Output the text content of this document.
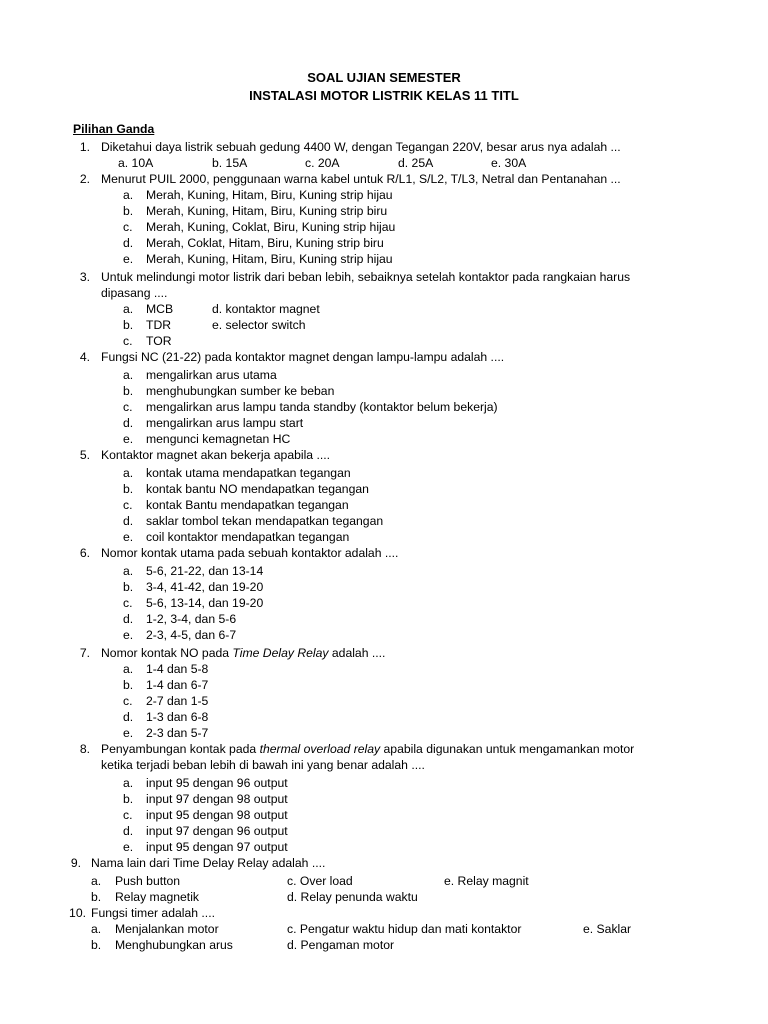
SOAL UJIAN SEMESTER
INSTALASI MOTOR LISTRIK KELAS 11 TITL
Pilihan Ganda
1. Diketahui daya listrik sebuah gedung 4400 W, dengan Tegangan 220V, besar arus nya adalah ...
a. 10A	b. 15A	c. 20A	d. 25A	e. 30A
2. Menurut PUIL 2000, penggunaan warna kabel untuk R/L1, S/L2, T/L3, Netral dan Pentanahan ...
a. Merah, Kuning, Hitam, Biru, Kuning strip hijau
b. Merah, Kuning, Hitam, Biru, Kuning strip biru
c. Merah, Kuning, Coklat, Biru, Kuning strip hijau
d. Merah, Coklat, Hitam, Biru, Kuning strip biru
e. Merah, Kuning, Hitam, Biru, Kuning strip hijau
3. Untuk melindungi motor listrik dari beban lebih, sebaiknya setelah kontaktor pada rangkaian harus
dipasang ....
a. MCB	d. kontaktor magnet
b. TDR	e. selector switch
c. TOR
4. Fungsi NC (21-22) pada kontaktor magnet dengan lampu-lampu adalah ....
a. mengalirkan arus utama
b. menghubungkan sumber ke beban
c. mengalirkan arus lampu tanda standby (kontaktor belum bekerja)
d. mengalirkan arus lampu start
e. mengunci kemagnetan HC
5. Kontaktor magnet akan bekerja apabila ....
a. kontak utama mendapatkan tegangan
b. kontak bantu NO mendapatkan tegangan
c. kontak Bantu mendapatkan tegangan
d. saklar tombol tekan mendapatkan tegangan
e. coil kontaktor mendapatkan tegangan
6. Nomor kontak utama pada sebuah kontaktor adalah ....
a. 5-6, 21-22, dan 13-14
b. 3-4, 41-42, dan 19-20
c. 5-6, 13-14, dan 19-20
d. 1-2, 3-4, dan 5-6
e. 2-3, 4-5, dan 6-7
7. Nomor kontak NO pada Time Delay Relay adalah ....
a. 1-4 dan 5-8
b. 1-4 dan 6-7
c. 2-7 dan 1-5
d. 1-3 dan 6-8
e. 2-3 dan 5-7
8. Penyambungan kontak pada thermal overload relay apabila digunakan untuk mengamankan motor
ketika terjadi beban lebih di bawah ini yang benar adalah ....
a. input 95 dengan 96 output
b. input 97 dengan 98 output
c. input 95 dengan 98 output
d. input 97 dengan 96 output
e. input 95 dengan 97 output
9. Nama lain dari Time Delay Relay adalah ....
a. Push button	c. Over load	e. Relay magnit
b. Relay magnetik	d. Relay penunda waktu
10. Fungsi timer adalah ....
a. Menjalankan motor	c. Pengatur waktu hidup dan mati kontaktor	e. Saklar
b. Menghubungkan arus	d. Pengaman motor
